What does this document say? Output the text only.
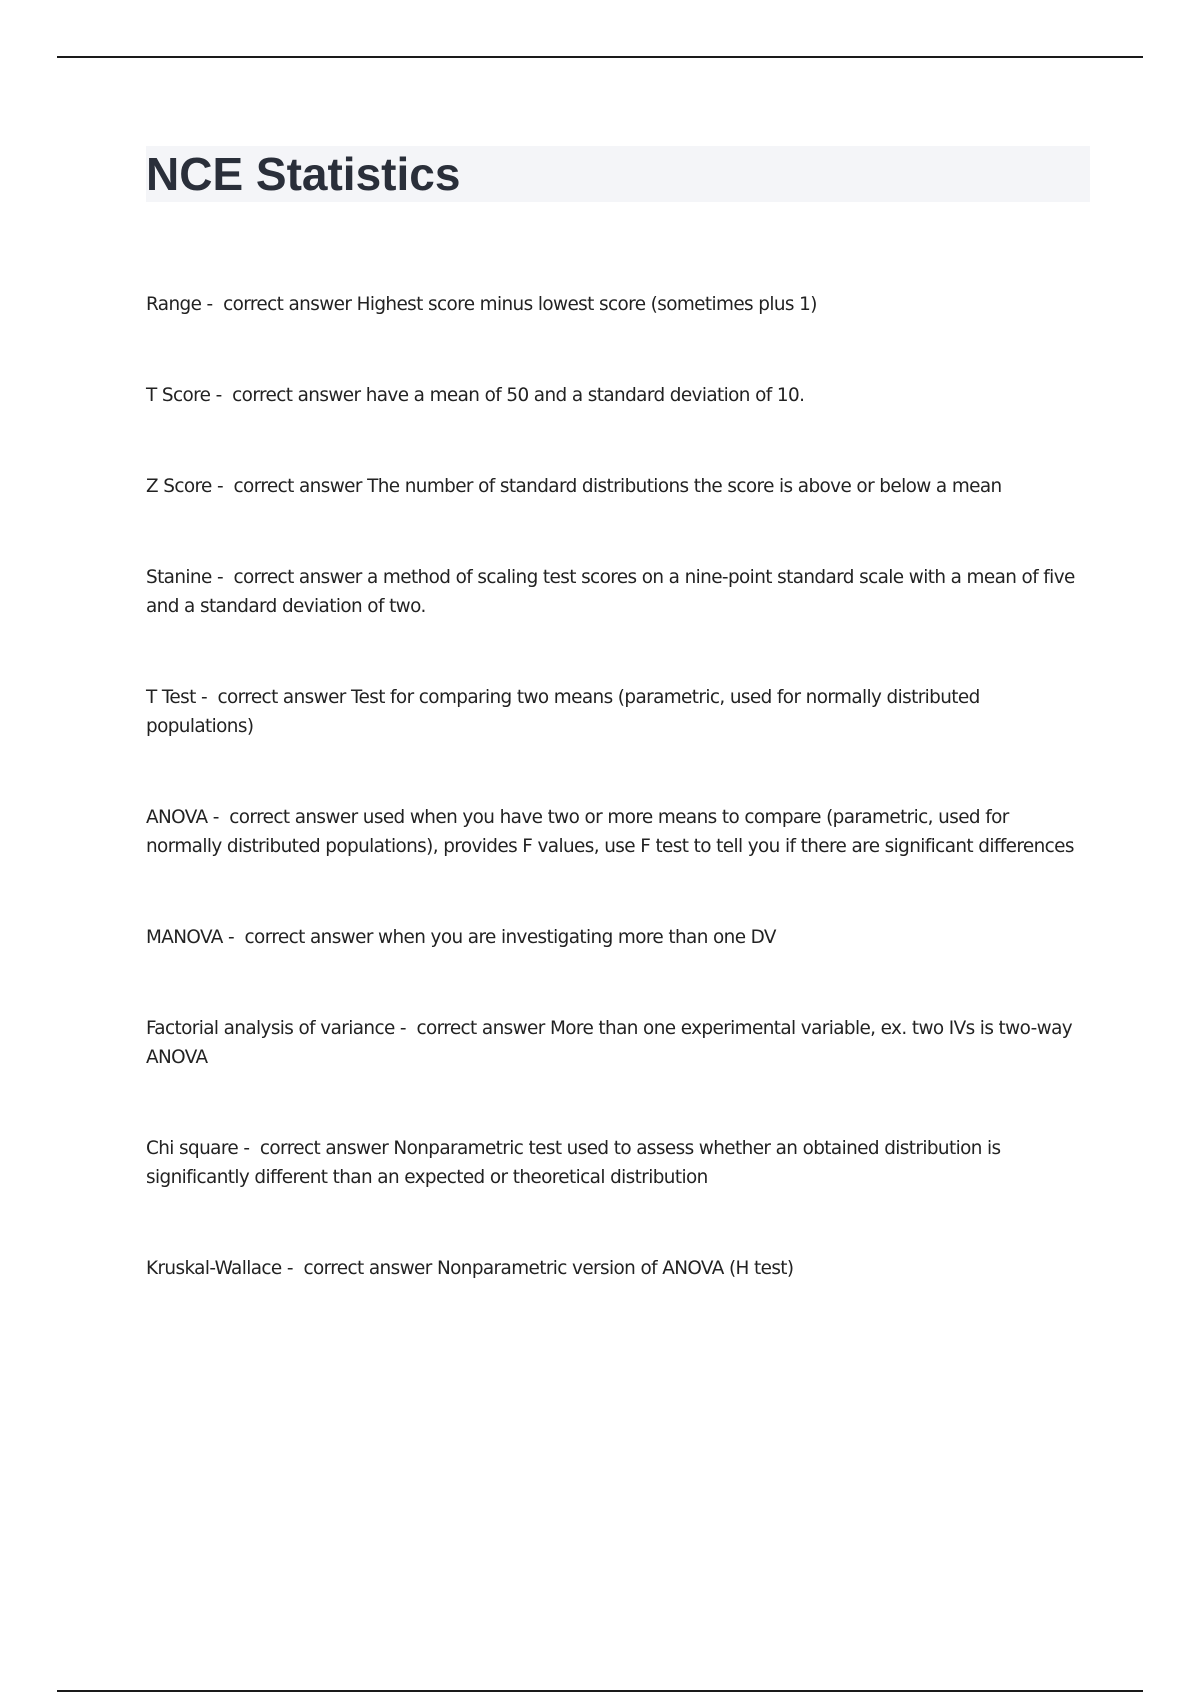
NCE Statistics
Range -  correct answer Highest score minus lowest score (sometimes plus 1)
T Score -  correct answer have a mean of 50 and a standard deviation of 10.
Z Score -  correct answer The number of standard distributions the score is above or below a mean
Stanine -  correct answer a method of scaling test scores on a nine-point standard scale with a mean of five and a standard deviation of two.
T Test -  correct answer Test for comparing two means (parametric, used for normally distributed populations)
ANOVA -  correct answer used when you have two or more means to compare (parametric, used for normally distributed populations), provides F values, use F test to tell you if there are significant differences
MANOVA -  correct answer when you are investigating more than one DV
Factorial analysis of variance -  correct answer More than one experimental variable, ex. two IVs is two-way ANOVA
Chi square -  correct answer Nonparametric test used to assess whether an obtained distribution is significantly different than an expected or theoretical distribution
Kruskal-Wallace -  correct answer Nonparametric version of ANOVA (H test)
